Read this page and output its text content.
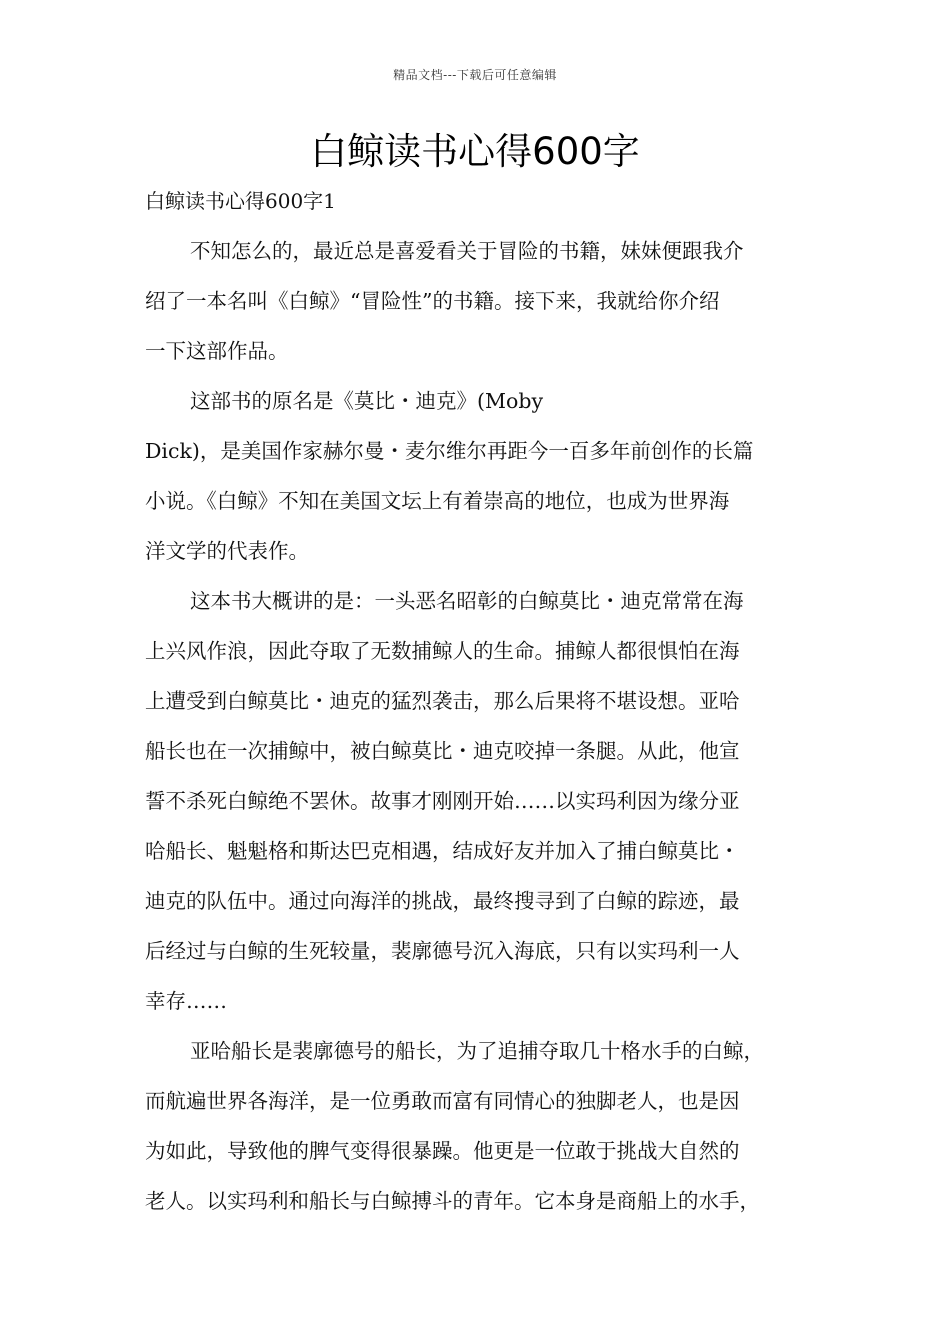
精品文档---下载后可任意编辑
白鲸读书心得600字
白鲸读书心得600字1
不知怎么的，最近总是喜爱看关于冒险的书籍，妹妹便跟我介
绍了一本名叫《白鲸》“冒险性”的书籍。接下来，我就给你介绍
一下这部作品。
这部书的原名是《莫比・迪克》(Moby
Dick)，是美国作家赫尔曼・麦尔维尔再距今一百多年前创作的长篇
小说。《白鲸》不知在美国文坛上有着崇高的地位，也成为世界海
洋文学的代表作。
这本书大概讲的是：一头恶名昭彰的白鲸莫比・迪克常常在海
上兴风作浪，因此夺取了无数捕鲸人的生命。捕鲸人都很惧怕在海
上遭受到白鲸莫比・迪克的猛烈袭击，那么后果将不堪设想。亚哈
船长也在一次捕鲸中，被白鲸莫比・迪克咬掉一条腿。从此，他宣
誓不杀死白鲸绝不罢休。故事才刚刚开始……以实玛利因为缘分亚
哈船长、魁魁格和斯达巴克相遇，结成好友并加入了捕白鲸莫比・
迪克的队伍中。通过向海洋的挑战，最终搜寻到了白鲸的踪迹，最
后经过与白鲸的生死较量，裴廓德号沉入海底，只有以实玛利一人
幸存……
亚哈船长是裴廓德号的船长，为了追捕夺取几十格水手的白鲸，
而航遍世界各海洋，是一位勇敢而富有同情心的独脚老人，也是因
为如此，导致他的脾气变得很暴躁。他更是一位敢于挑战大自然的
老人。以实玛利和船长与白鲸搏斗的青年。它本身是商船上的水手，
